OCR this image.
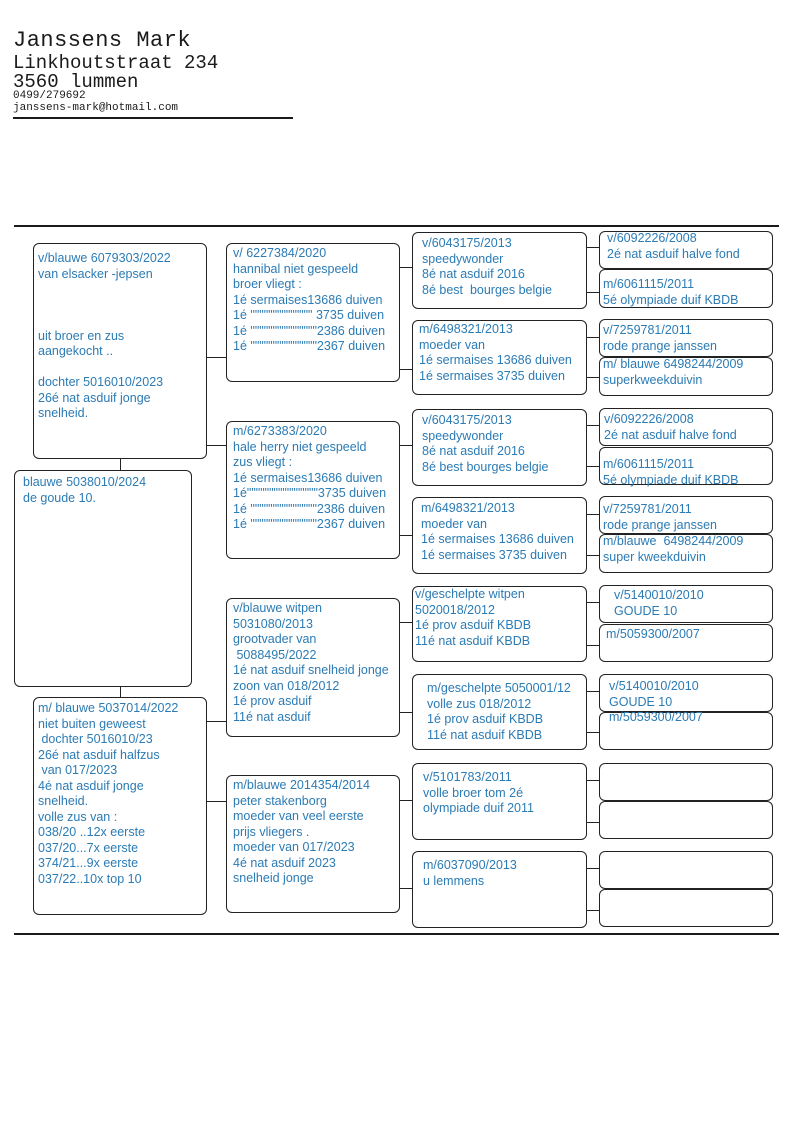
Janssens Mark
Linkhoutstraat 234
3560 lummen
0499/279692
janssens-mark@hotmail.com
v/blauwe 6079303/2022
van elsacker -jepsen

uit broer en zus
aangekocht ..

dochter 5016010/2023
26é nat asduif jonge
snelheid.
blauwe 5038010/2024
de goude 10.
m/ blauwe 5037014/2022
niet buiten geweest
dochter 5016010/23
26é nat asduif halfzus
van 017/2023
4é nat asduif jonge
snelheid.
volle zus van :
038/20 ..12x eerste
037/20...7x eerste
374/21...9x eerste
037/22..10x top 10
v/ 6227384/2020
hannibal niet gespeeld
broer vliegt :
1é sermaises13686 duiven
1é """""""""""""" 3735 duiven
1é """""""""""""""2386 duiven
1é """""""""""""""2367 duiven
m/6273383/2020
hale herry niet gespeeld
zus vliegt :
1é sermaises13686 duiven
1é""""""""""""""""3735 duiven
1é """""""""""""""2386 duiven
1é """""""""""""""2367 duiven
v/blauwe witpen
5031080/2013
grootvader van
5088495/2022
1é nat asduif snelheid jonge
zoon van 018/2012
1é prov asduif
11é nat asduif
m/blauwe 2014354/2014
peter stakenborg
moeder van veel eerste
prijs vliegers .
moeder van 017/2023
4é nat asduif 2023
snelheid jonge
v/6043175/2013
speedywonder
8é nat asduif 2016
8é best  bourges belgie
m/6498321/2013
moeder van
1é sermaises 13686 duiven
1é sermaises 3735 duiven
v/6043175/2013
speedywonder
8é nat asduif 2016
8é best bourges belgie
m/6498321/2013
moeder van
1é sermaises 13686 duiven
1é sermaises 3735 duiven
v/geschelpte witpen
5020018/2012
1é prov asduif KBDB
11é nat asduif KBDB
m/geschelpte 5050001/12
volle zus 018/2012
1é prov asduif KBDB
11é nat asduif KBDB
v/5101783/2011
volle broer tom 2é
olympiade duif 2011
m/6037090/2013
u lemmens
v/6092226/2008
2é nat asduif halve fond
m/6061115/2011
5é olympiade duif KBDB
v/7259781/2011
rode prange janssen
m/ blauwe 6498244/2009
superkweekduivin
v/6092226/2008
2é nat asduif halve fond
m/6061115/2011
5é olympiade duif KBDB
v/7259781/2011
rode prange janssen
m/blauwe  6498244/2009
super kweekduivin
v/5140010/2010
GOUDE 10
m/5059300/2007
v/5140010/2010
GOUDE 10
m/5059300/2007
